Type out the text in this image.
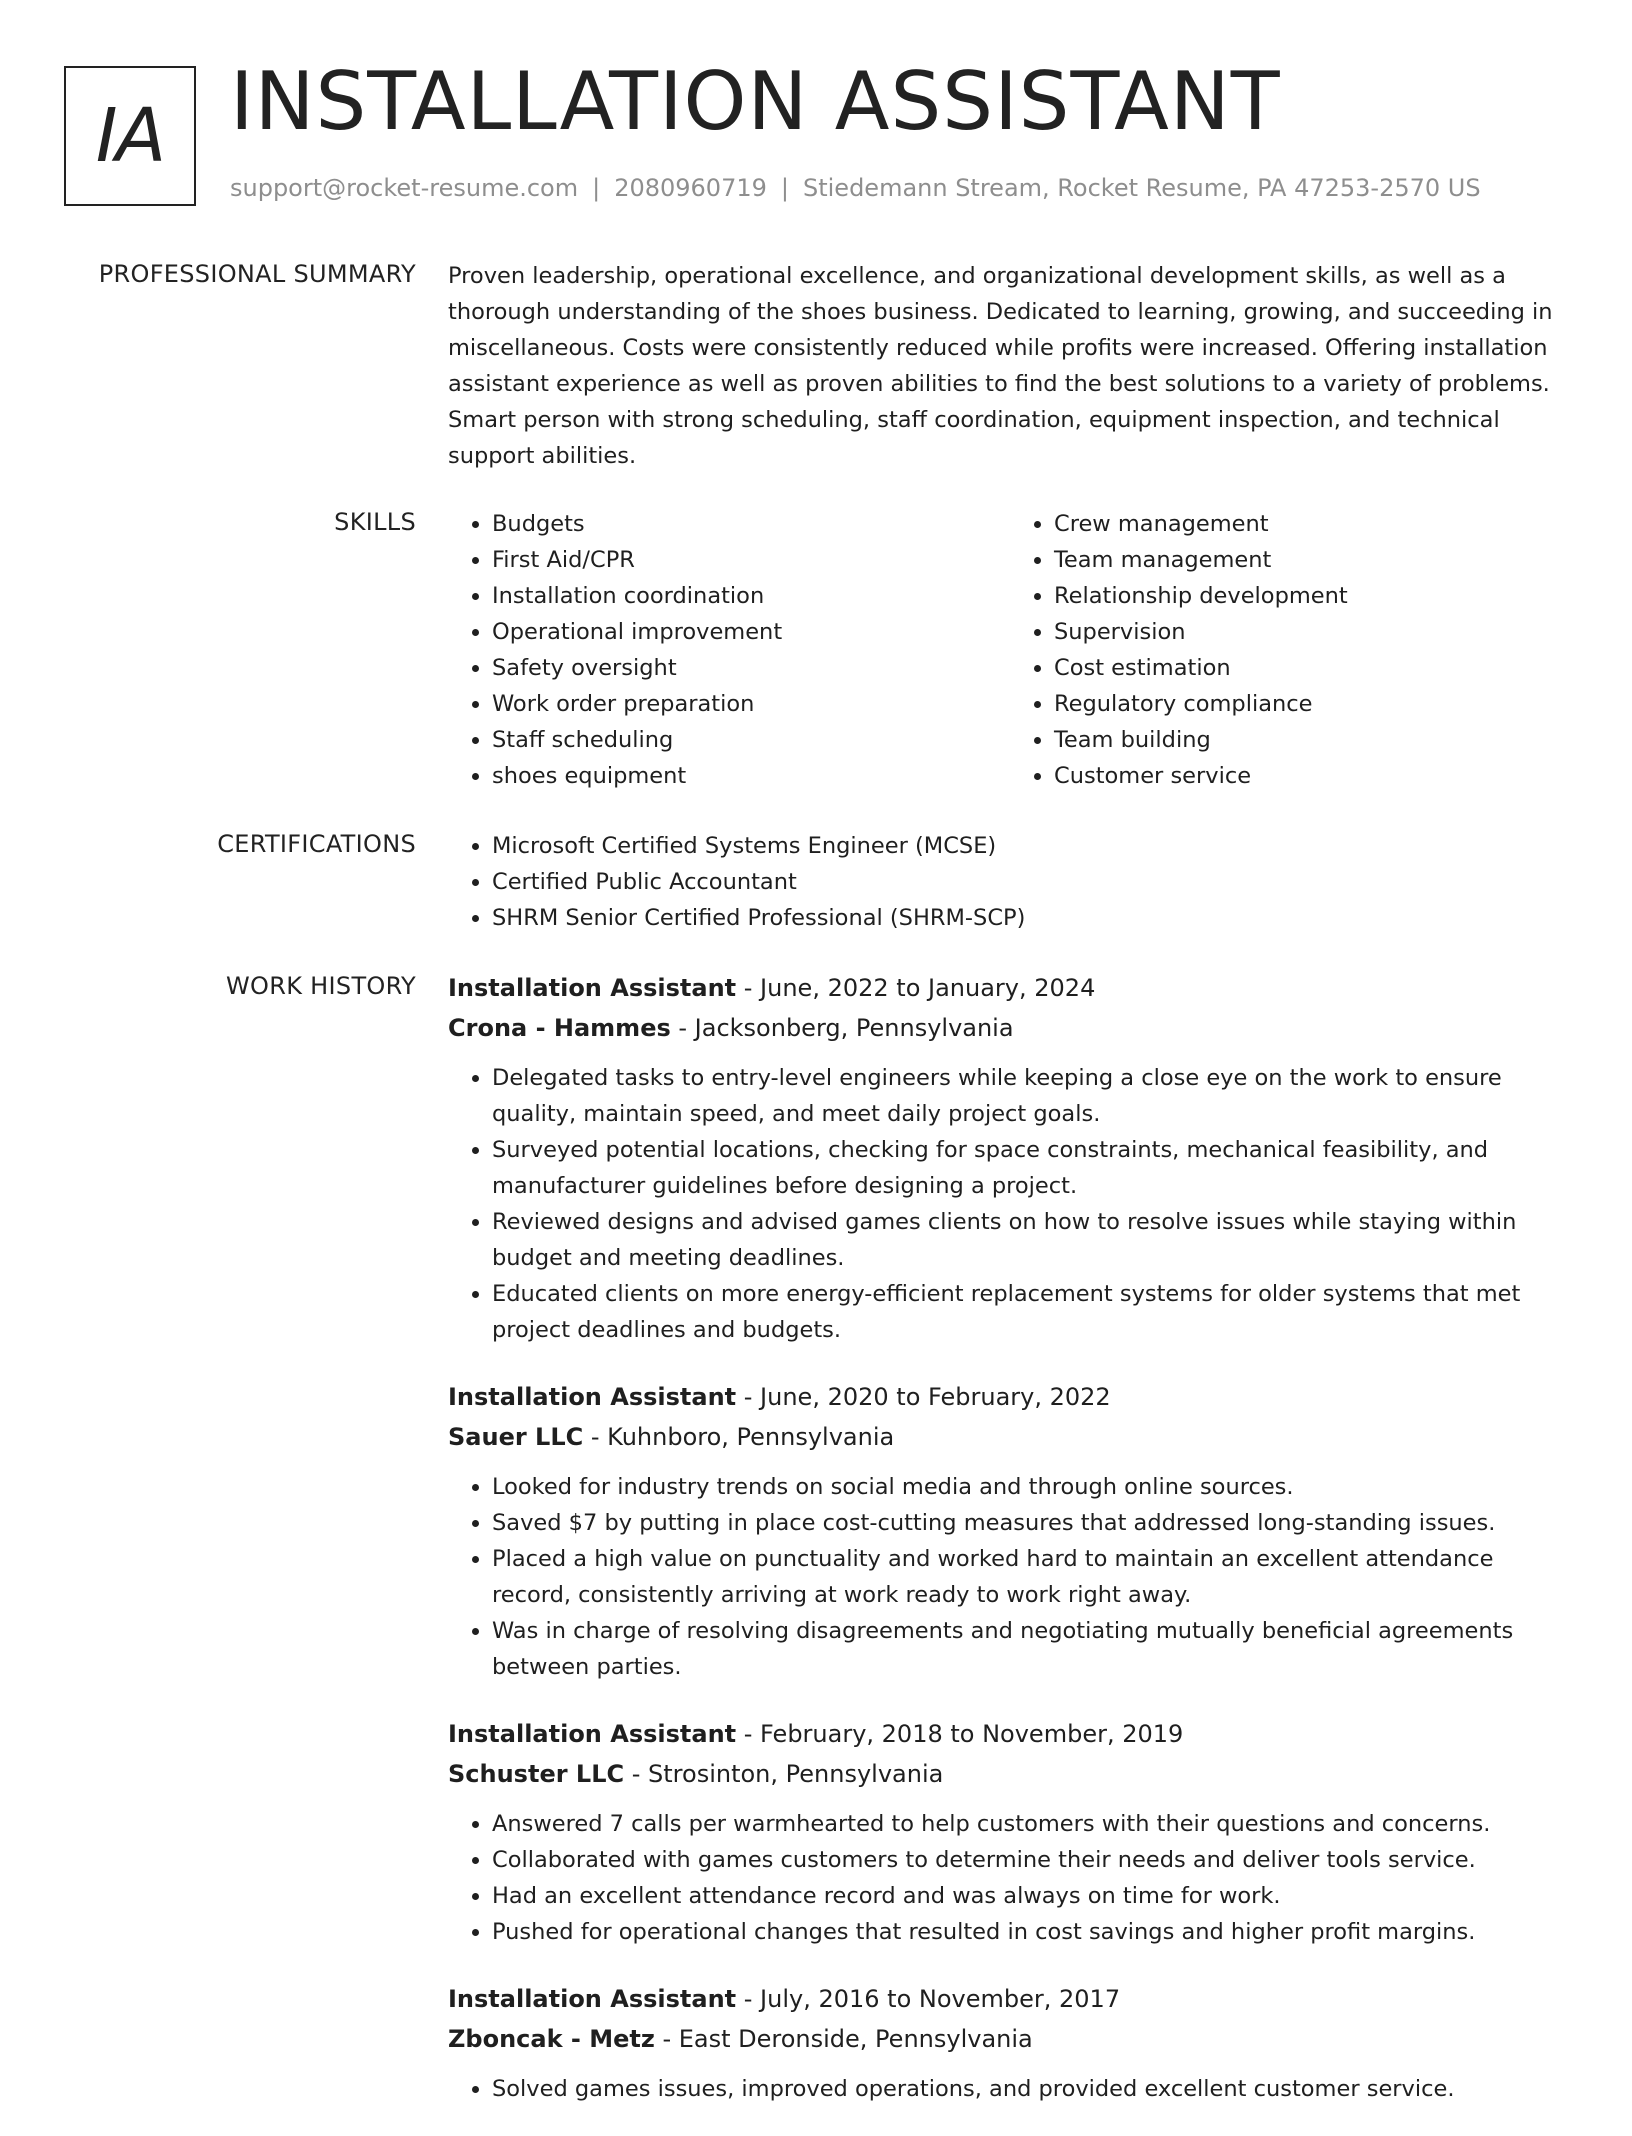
IA INSTALLATION ASSISTANT
support@rocket-resume.com | 2080960719 | Stiedemann Stream, Rocket Resume, PA 47253-2570 US
PROFESSIONAL SUMMARY Proven leadership, operational excellence, and organizational development skills, as well as a thorough understanding of the shoes business. Dedicated to learning, growing, and succeeding in miscellaneous. Costs were consistently reduced while profits were increased. Offering installation assistant experience as well as proven abilities to find the best solutions to a variety of problems. Smart person with strong scheduling, staff coordination, equipment inspection, and technical support abilities.

SKILLS	• Budgets
• First Aid/CPR
• Installation coordination
• Operational improvement
• Safety oversight
• Work order preparation
• Staff scheduling
• shoes equipment
• Crew management
• Team management
• Relationship development
• Supervision
• Cost estimation
• Regulatory compliance
• Team building
• Customer service
CERTIFICATIONS	• Microsoft Certified Systems Engineer (MCSE)
• Certified Public Accountant
• SHRM Senior Certified Professional (SHRM-SCP)
WORK HISTORY Installation Assistant - June, 2022 to January, 2024
Crona - Hammes - Jacksonberg, Pennsylvania
• Delegated tasks to entry-level engineers while keeping a close eye on the work to ensure quality, maintain speed, and meet daily project goals.
• Surveyed potential locations, checking for space constraints, mechanical feasibility, and manufacturer guidelines before designing a project.
• Reviewed designs and advised games clients on how to resolve issues while staying within budget and meeting deadlines.
• Educated clients on more energy-efficient replacement systems for older systems that met project deadlines and budgets.
Installation Assistant - June, 2020 to February, 2022
Sauer LLC - Kuhnboro, Pennsylvania
• Looked for industry trends on social media and through online sources.
• Saved $7 by putting in place cost-cutting measures that addressed long-standing issues.
• Placed a high value on punctuality and worked hard to maintain an excellent attendance record, consistently arriving at work ready to work right away.
• Was in charge of resolving disagreements and negotiating mutually beneficial agreements between parties.
Installation Assistant - February, 2018 to November, 2019
Schuster LLC - Strosinton, Pennsylvania
• Answered 7 calls per warmhearted to help customers with their questions and concerns.
• Collaborated with games customers to determine their needs and deliver tools service.
• Had an excellent attendance record and was always on time for work.
• Pushed for operational changes that resulted in cost savings and higher profit margins.
Installation Assistant - July, 2016 to November, 2017
Zboncak - Metz - East Deronside, Pennsylvania
• Solved games issues, improved operations, and provided excellent customer service.
